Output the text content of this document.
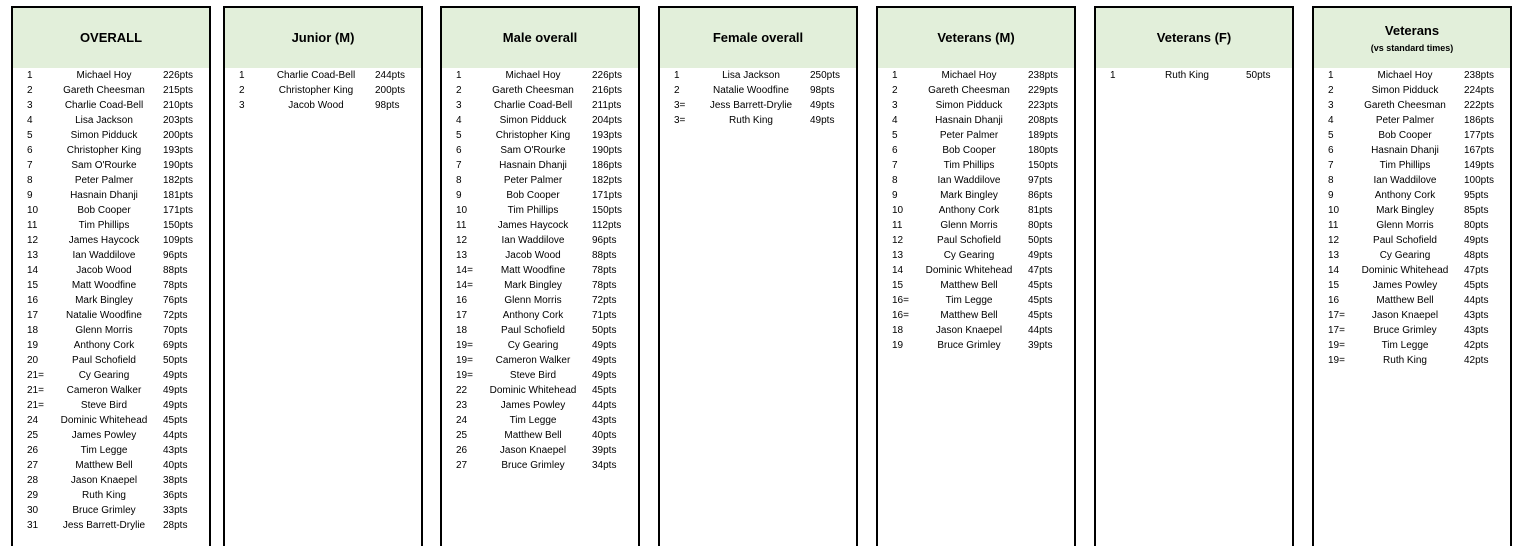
OVERALL
1	Michael Hoy	226pts
2	Gareth Cheesman	215pts
3	Charlie Coad-Bell	210pts
4	Lisa Jackson	203pts
5	Simon Pidduck	200pts
6	Christopher King	193pts
7	Sam O'Rourke	190pts
8	Peter Palmer	182pts
9	Hasnain Dhanji	181pts
10	Bob Cooper	171pts
11	Tim Phillips	150pts
12	James Haycock	109pts
13	Ian Waddilove	96pts
14	Jacob Wood	88pts
15	Matt Woodfine	78pts
16	Mark Bingley	76pts
17	Natalie Woodfine	72pts
18	Glenn Morris	70pts
19	Anthony Cork	69pts
20	Paul Schofield	50pts
21=	Cy Gearing	49pts
21=	Cameron Walker	49pts
21=	Steve Bird	49pts
24	Dominic Whitehead	45pts
25	James Powley	44pts
26	Tim Legge	43pts
27	Matthew Bell	40pts
28	Jason Knaepel	38pts
29	Ruth King	36pts
30	Bruce Grimley	33pts
31	Jess Barrett-Drylie	28pts
Junior (M)
1	Charlie Coad-Bell	244pts
2	Christopher King	200pts
3	Jacob Wood	98pts
Male overall
1	Michael Hoy	226pts
2	Gareth Cheesman	216pts
3	Charlie Coad-Bell	211pts
4	Simon Pidduck	204pts
5	Christopher King	193pts
6	Sam O'Rourke	190pts
7	Hasnain Dhanji	186pts
8	Peter Palmer	182pts
9	Bob Cooper	171pts
10	Tim Phillips	150pts
11	James Haycock	112pts
12	Ian Waddilove	96pts
13	Jacob Wood	88pts
14=	Matt Woodfine	78pts
14=	Mark Bingley	78pts
16	Glenn Morris	72pts
17	Anthony Cork	71pts
18	Paul Schofield	50pts
19=	Cy Gearing	49pts
19=	Cameron Walker	49pts
19=	Steve Bird	49pts
22	Dominic Whitehead	45pts
23	James Powley	44pts
24	Tim Legge	43pts
25	Matthew Bell	40pts
26	Jason Knaepel	39pts
27	Bruce Grimley	34pts
Female overall
1	Lisa Jackson	250pts
2	Natalie Woodfine	98pts
3=	Jess Barrett-Drylie	49pts
3=	Ruth King	49pts
Veterans (M)
1	Michael Hoy	238pts
2	Gareth Cheesman	229pts
3	Simon Pidduck	223pts
4	Hasnain Dhanji	208pts
5	Peter Palmer	189pts
6	Bob Cooper	180pts
7	Tim Phillips	150pts
8	Ian Waddilove	97pts
9	Mark Bingley	86pts
10	Anthony Cork	81pts
11	Glenn Morris	80pts
12	Paul Schofield	50pts
13	Cy Gearing	49pts
14	Dominic Whitehead	47pts
15	Matthew Bell	45pts
16=	Tim Legge	45pts
16=	Matthew Bell	45pts
18	Jason Knaepel	44pts
19	Bruce Grimley	39pts
Veterans (F)
1	Ruth King	50pts
Veterans
(vs standard times)
1	Michael Hoy	238pts
2	Simon Pidduck	224pts
3	Gareth Cheesman	222pts
4	Peter Palmer	186pts
5	Bob Cooper	177pts
6	Hasnain Dhanji	167pts
7	Tim Phillips	149pts
8	Ian Waddilove	100pts
9	Anthony Cork	95pts
10	Mark Bingley	85pts
11	Glenn Morris	80pts
12	Paul Schofield	49pts
13	Cy Gearing	48pts
14	Dominic Whitehead	47pts
15	James Powley	45pts
16	Matthew Bell	44pts
17=	Jason Knaepel	43pts
17=	Bruce Grimley	43pts
19=	Tim Legge	42pts
19=	Ruth King	42pts
